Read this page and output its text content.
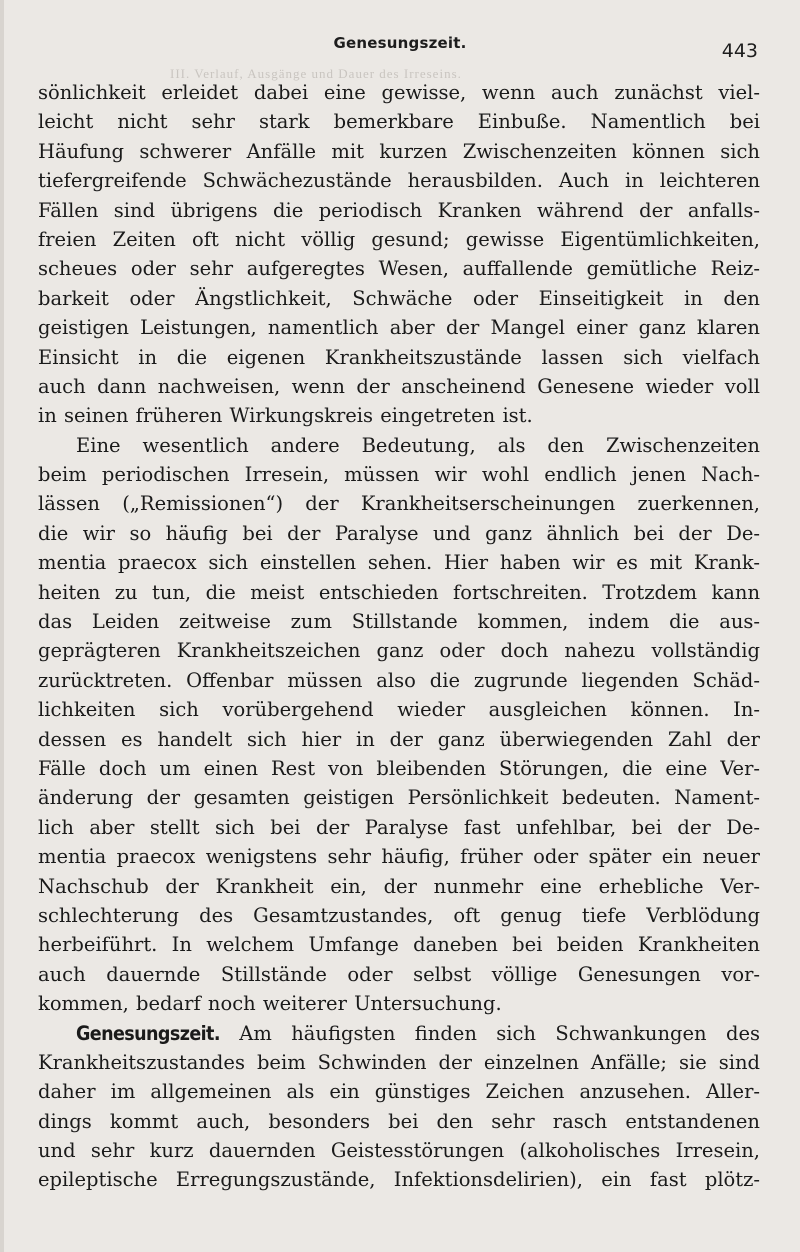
III. Verlauf, Ausgänge und Dauer des Irreseins.
Genesungszeit.	443
sönlichkeit erleidet dabei eine gewisse, wenn auch zunächst viel-
leicht nicht sehr stark bemerkbare Einbuße. Namentlich bei
Häufung schwerer Anfälle mit kurzen Zwischenzeiten können sich
tiefergreifende Schwächezustände herausbilden. Auch in leichteren
Fällen sind übrigens die periodisch Kranken während der anfalls-
freien Zeiten oft nicht völlig gesund; gewisse Eigentümlichkeiten,
scheues oder sehr aufgeregtes Wesen, auffallende gemütliche Reiz-
barkeit oder Ängstlichkeit, Schwäche oder Einseitigkeit in den
geistigen Leistungen, namentlich aber der Mangel einer ganz klaren
Einsicht in die eigenen Krankheitszustände lassen sich vielfach
auch dann nachweisen, wenn der anscheinend Genesene wieder voll
in seinen früheren Wirkungskreis eingetreten ist.
Eine wesentlich andere Bedeutung, als den Zwischenzeiten
beim periodischen Irresein, müssen wir wohl endlich jenen Nach-
lässen („Remissionen“) der Krankheitserscheinungen zuerkennen,
die wir so häufig bei der Paralyse und ganz ähnlich bei der De-
mentia praecox sich einstellen sehen. Hier haben wir es mit Krank-
heiten zu tun, die meist entschieden fortschreiten. Trotzdem kann
das Leiden zeitweise zum Stillstande kommen, indem die aus-
geprägteren Krankheitszeichen ganz oder doch nahezu vollständig
zurücktreten. Offenbar müssen also die zugrunde liegenden Schäd-
lichkeiten sich vorübergehend wieder ausgleichen können. In-
dessen es handelt sich hier in der ganz überwiegenden Zahl der
Fälle doch um einen Rest von bleibenden Störungen, die eine Ver-
änderung der gesamten geistigen Persönlichkeit bedeuten. Nament-
lich aber stellt sich bei der Paralyse fast unfehlbar, bei der De-
mentia praecox wenigstens sehr häufig, früher oder später ein neuer
Nachschub der Krankheit ein, der nunmehr eine erhebliche Ver-
schlechterung des Gesamtzustandes, oft genug tiefe Verblödung
herbeiführt. In welchem Umfange daneben bei beiden Krankheiten
auch dauernde Stillstände oder selbst völlige Genesungen vor-
kommen, bedarf noch weiterer Untersuchung.
Genesungszeit. Am häufigsten finden sich Schwankungen des
Krankheitszustandes beim Schwinden der einzelnen Anfälle; sie sind
daher im allgemeinen als ein günstiges Zeichen anzusehen. Aller-
dings kommt auch, besonders bei den sehr rasch entstandenen
und sehr kurz dauernden Geistesstörungen (alkoholisches Irresein,
epileptische Erregungszustände, Infektionsdelirien), ein fast plötz-
